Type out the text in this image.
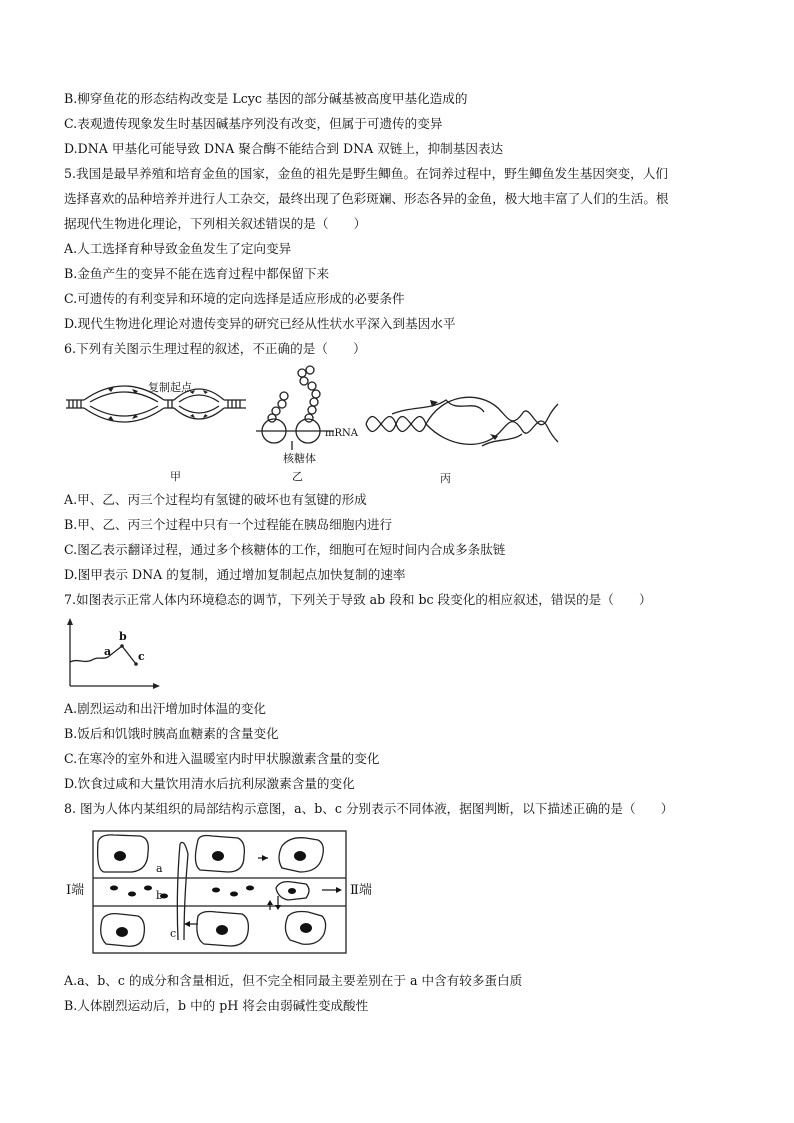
B.柳穿鱼花的形态结构改变是 Lcyc 基因的部分碱基被高度甲基化造成的
C.表观遗传现象发生时基因碱基序列没有改变，但属于可遗传的变异
D.DNA 甲基化可能导致 DNA 聚合酶不能结合到 DNA 双链上，抑制基因表达
5.我国是最早养殖和培育金鱼的国家，金鱼的祖先是野生鲫鱼。在饲养过程中，野生鲫鱼发生基因突变，人们
选择喜欢的品种培养并进行人工杂交，最终出现了色彩斑斓、形态各异的金鱼，极大地丰富了人们的生活。根
据现代生物进化理论，下列相关叙述错误的是（　　）
A.人工选择育种导致金鱼发生了定向变异
B.金鱼产生的变异不能在选育过程中都保留下来
C.可遗传的有利变异和环境的定向选择是适应形成的必要条件
D.现代生物进化理论对遗传变异的研究已经从性状水平深入到基因水平
6.下列有关图示生理过程的叙述，不正确的是（　　）
复制起点
甲
mRNA
核糖体
乙	丙
A.甲、乙、丙三个过程均有氢键的破坏也有氢键的形成
B.甲、乙、丙三个过程中只有一个过程能在胰岛细胞内进行
C.图乙表示翻译过程，通过多个核糖体的工作，细胞可在短时间内合成多条肽链
D.图甲表示 DNA 的复制，通过增加复制起点加快复制的速率
7.如图表示正常人体内环境稳态的调节，下列关于导致 ab 段和 bc 段变化的相应叙述，错误的是（　　）
a
b
c
A.剧烈运动和出汗增加时体温的变化
B.饭后和饥饿时胰高血糖素的含量变化
C.在寒冷的室外和进入温暖室内时甲状腺激素含量的变化
D.饮食过咸和大量饮用清水后抗利尿激素含量的变化
8. 图为人体内某组织的局部结构示意图，a、b、c 分别表示不同体液，据图判断，以下描述正确的是（　　）
Ⅰ端	Ⅱ端
a
b
c
A.a、b、c 的成分和含量相近，但不完全相同最主要差别在于 a 中含有较多蛋白质
B.人体剧烈运动后，b 中的 pH 将会由弱碱性变成酸性
